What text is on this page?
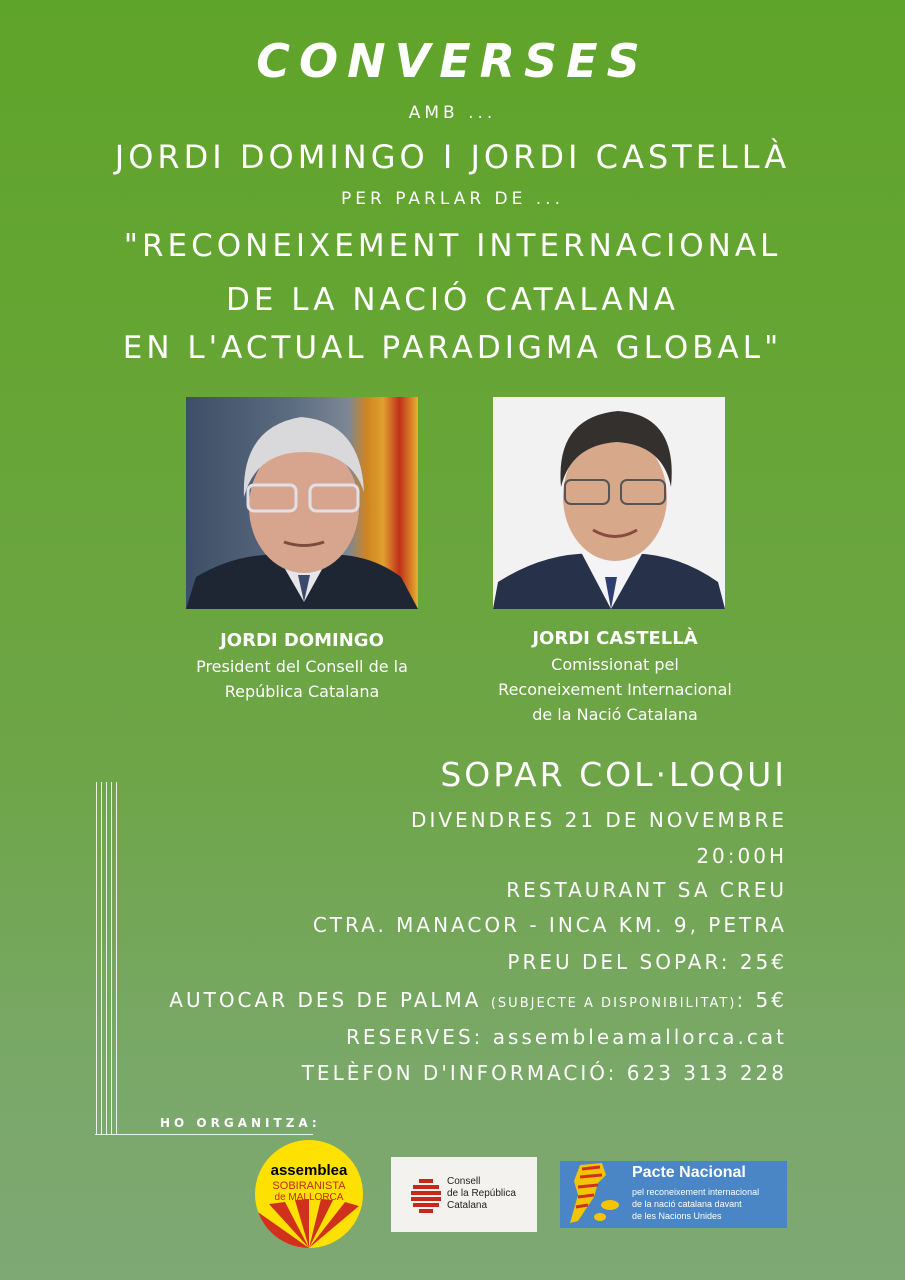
CONVERSES
AMB ...
JORDI DOMINGO I JORDI CASTELLÀ
PER PARLAR DE ...
"RECONEIXEMENT INTERNACIONAL
DE LA NACIÓ CATALANA
EN L'ACTUAL PARADIGMA GLOBAL"
JORDI DOMINGO
President del Consell de la
República Catalana
JORDI CASTELLÀ
Comissionat pel
Reconeixement Internacional
de la Nació Catalana
SOPAR COL·LOQUI
DIVENDRES 21 DE NOVEMBRE
20:00H
RESTAURANT SA CREU
CTRA. MANACOR - INCA KM. 9, PETRA
PREU DEL SOPAR: 25€
AUTOCAR DES DE PALMA (SUBJECTE A DISPONIBILITAT): 5€
RESERVES: assembleamallorca.cat
TELÈFON D'INFORMACIÓ: 623 313 228
HO ORGANITZA:
assemblea
SOBIRANISTA
de MALLORCA
Consell
de la República
Catalana
Pacte Nacional
pel reconeixement internacional
de la nació catalana davant
de les Nacions Unides
